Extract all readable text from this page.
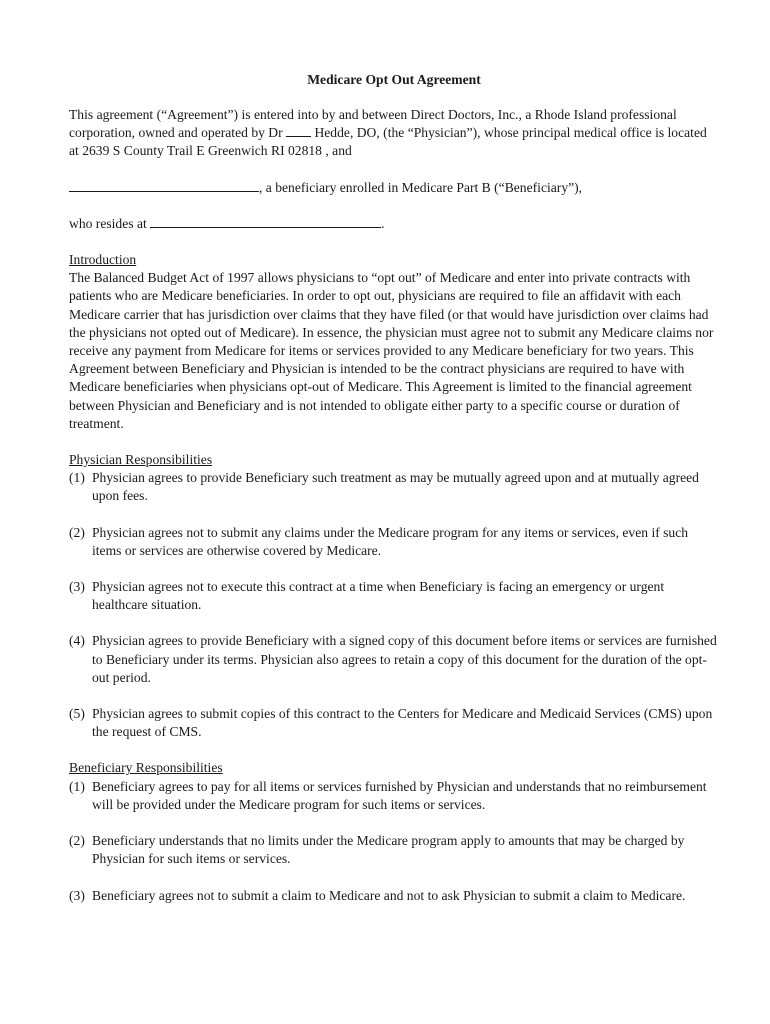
Medicare Opt Out Agreement

This agreement (“Agreement”) is entered into by and between Direct Doctors, Inc., a Rhode Island professional corporation, owned and operated by Dr  Hedde, DO, (the “Physician”), whose principal medical office is located at 2639 S County Trail E Greenwich RI 02818 , and

, a beneficiary enrolled in Medicare Part B (“Beneficiary”),

who resides at	.

Introduction

The Balanced Budget Act of 1997 allows physicians to “opt out” of Medicare and enter into private contracts with patients who are Medicare beneficiaries. In order to opt out, physicians are required to file an affidavit with each Medicare carrier that has jurisdiction over claims that they have filed (or that would have jurisdiction over claims had the physicians not opted out of Medicare). In essence, the physician must agree not to submit any Medicare claims nor receive any payment from Medicare for items or services provided to any Medicare beneficiary for two years. This Agreement between Beneficiary and Physician is intended to be the contract physicians are required to have with Medicare beneficiaries when physicians opt-out of Medicare. This Agreement is limited to the financial agreement between Physician and Beneficiary and is not intended to obligate either party to a specific course or duration of treatment.

Physician Responsibilities

(1) Physician agrees to provide Beneficiary such treatment as may be mutually agreed upon and at mutually agreed upon fees.
(2) Physician agrees not to submit any claims under the Medicare program for any items or services, even if such items or services are otherwise covered by Medicare.
(3) Physician agrees not to execute this contract at a time when Beneficiary is facing an emergency or urgent healthcare situation.
(4) Physician agrees to provide Beneficiary with a signed copy of this document before items or services are furnished to Beneficiary under its terms. Physician also agrees to retain a copy of this document for the duration of the opt-out period.
(5) Physician agrees to submit copies of this contract to the Centers for Medicare and Medicaid Services (CMS) upon the request of CMS.

Beneficiary Responsibilities

(1) Beneficiary agrees to pay for all items or services furnished by Physician and understands that no reimbursement will be provided under the Medicare program for such items or services.
(2) Beneficiary understands that no limits under the Medicare program apply to amounts that may be charged by Physician for such items or services.
(3) Beneficiary agrees not to submit a claim to Medicare and not to ask Physician to submit a claim to Medicare.
